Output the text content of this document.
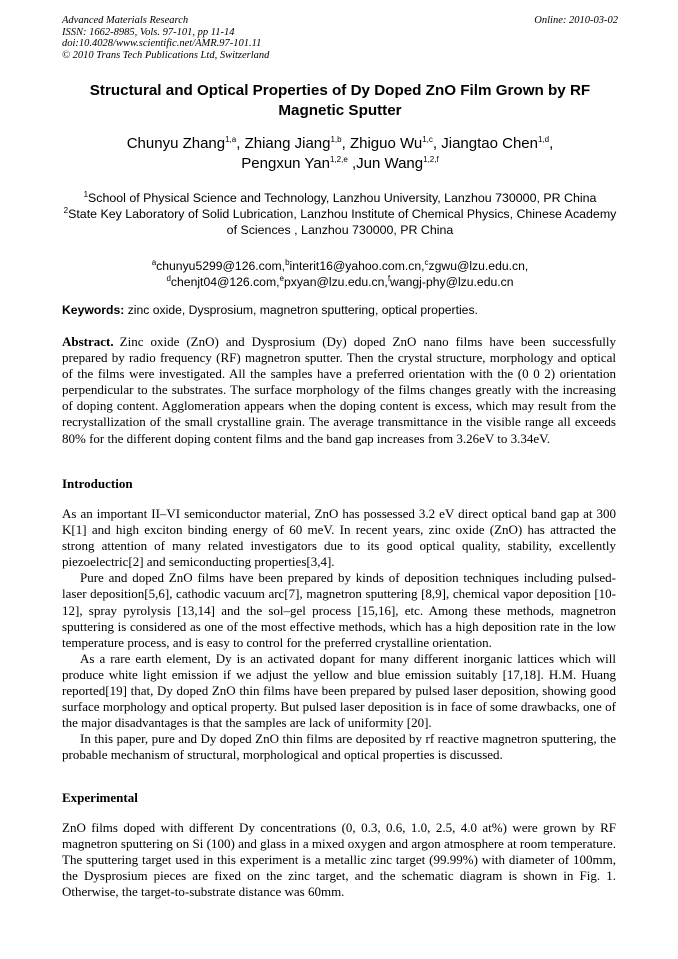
Advanced Materials Research
ISSN: 1662-8985, Vols. 97-101, pp 11-14
doi:10.4028/www.scientific.net/AMR.97-101.11
© 2010 Trans Tech Publications Ltd, Switzerland
Online: 2010-03-02
Structural and Optical Properties of Dy Doped ZnO Film Grown by RF Magnetic Sputter
Chunyu Zhang$^{1,a}$, Zhiang Jiang$^{1,b}$, Zhiguo Wu$^{1,c}$, Jiangtao Chen$^{1,d}$,
Pengxun Yan$^{1,2,e}$ ,Jun Wang$^{1,2,f}$
$^1$School of Physical Science and Technology, Lanzhou University, Lanzhou 730000, PR China
$^2$State Key Laboratory of Solid Lubrication, Lanzhou Institute of Chemical Physics, Chinese Academy of Sciences , Lanzhou 730000, PR China
$^a$chunyu5299@126.com,$^b$interit16@yahoo.com.cn,$^c$zgwu@lzu.edu.cn,
$^d$chenjt04@126.com,$^e$pxyan@lzu.edu.cn,$^f$wangj-phy@lzu.edu.cn
Keywords: zinc oxide, Dysprosium, magnetron sputtering, optical properties.
Abstract. Zinc oxide (ZnO) and Dysprosium (Dy) doped ZnO nano films have been successfully prepared by radio frequency (RF) magnetron sputter. Then the crystal structure, morphology and optical of the films were investigated. All the samples have a preferred orientation with the (0 0 2) orientation perpendicular to the substrates. The surface morphology of the films changes greatly with the increasing of doping content. Agglomeration appears when the doping content is excess, which may result from the recrystallization of the small crystalline grain. The average transmittance in the visible range all exceeds 80% for the different doping content films and the band gap increases from 3.26eV to 3.34eV.
Introduction

As an important II–VI semiconductor material, ZnO has possessed 3.2 eV direct optical band gap at 300 K[1] and high exciton binding energy of 60 meV. In recent years, zinc oxide (ZnO) has attracted the strong attention of many related investigators due to its good optical quality, stability, excellently piezoelectric[2] and semiconducting properties[3,4].

Pure and doped ZnO films have been prepared by kinds of deposition techniques including pulsed-laser deposition[5,6], cathodic vacuum arc[7], magnetron sputtering [8,9], chemical vapor deposition [10-12], spray pyrolysis [13,14] and the sol–gel process [15,16], etc. Among these methods, magnetron sputtering is considered as one of the most effective methods, which has a high deposition rate in the low temperature process, and is easy to control for the preferred crystalline orientation.

As a rare earth element, Dy is an activated dopant for many different inorganic lattices which will produce white light emission if we adjust the yellow and blue emission suitably [17,18]. H.M. Huang reported[19] that, Dy doped ZnO thin films have been prepared by pulsed laser deposition, showing good surface morphology and optical property. But pulsed laser deposition is in face of some drawbacks, one of the major disadvantages is that the samples are lack of uniformity [20].

In this paper, pure and Dy doped ZnO thin films are deposited by rf reactive magnetron sputtering, the probable mechanism of structural, morphological and optical properties is discussed.

Experimental
ZnO films doped with different Dy concentrations (0, 0.3, 0.6, 1.0, 2.5, 4.0 at%) were grown by RF magnetron sputtering on Si (100) and glass in a mixed oxygen and argon atmosphere at room temperature. The sputtering target used in this experiment is a metallic zinc target (99.99%) with diameter of 100mm, the Dysprosium pieces are fixed on the zinc target, and the schematic diagram is shown in Fig. 1. Otherwise, the target-to-substrate distance was 60mm.
